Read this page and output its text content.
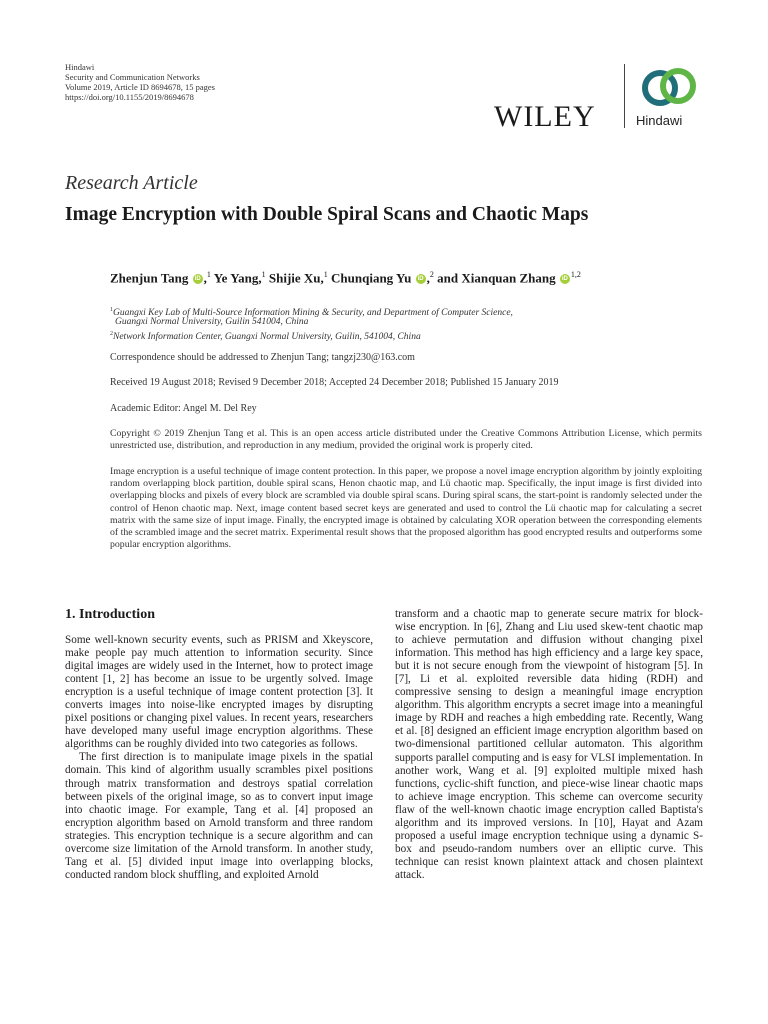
Hindawi
Security and Communication Networks
Volume 2019, Article ID 8694678, 15 pages
https://doi.org/10.1155/2019/8694678
WILEY	Hindawi
Research Article
Image Encryption with Double Spiral Scans and Chaotic Maps
Zhenjun Tang iD ,$^1$ Ye Yang,$^1$ Shijie Xu,$^1$ Chunqiang Yu iD ,$^2$ and Xianquan Zhang iD$^{1,2}$
$^1$Guangxi Key Lab of Multi-Source Information Mining & Security, and Department of Computer Science,
Guangxi Normal University, Guilin 541004, China
$^2$Network Information Center, Guangxi Normal University, Guilin, 541004, China
Correspondence should be addressed to Zhenjun Tang; tangzj230@163.com
Received 19 August 2018; Revised 9 December 2018; Accepted 24 December 2018; Published 15 January 2019
Academic Editor: Angel M. Del Rey
Copyright © 2019 Zhenjun Tang et al. This is an open access article distributed under the Creative Commons Attribution License, which permits unrestricted use, distribution, and reproduction in any medium, provided the original work is properly cited.
Image encryption is a useful technique of image content protection. In this paper, we propose a novel image encryption algorithm by jointly exploiting random overlapping block partition, double spiral scans, Henon chaotic map, and Lü chaotic map. Specifically, the input image is first divided into overlapping blocks and pixels of every block are scrambled via double spiral scans. During spiral scans, the start-point is randomly selected under the control of Henon chaotic map. Next, image content based secret keys are generated and used to control the Lü chaotic map for calculating a secret matrix with the same size of input image. Finally, the encrypted image is obtained by calculating XOR operation between the corresponding elements of the scrambled image and the secret matrix. Experimental result shows that the proposed algorithm has good encrypted results and outperforms some popular encryption algorithms.
1. Introduction

Some well-known security events, such as PRISM and Xkeyscore, make people pay much attention to information security. Since digital images are widely used in the Internet, how to protect image content [1, 2] has become an issue to be urgently solved. Image encryption is a useful technique of image content protection [3]. It converts images into noise-like encrypted images by disrupting pixel positions or changing pixel values. In recent years, researchers have developed many useful image encryption algorithms. These algorithms can be roughly divided into two categories as follows.

The first direction is to manipulate image pixels in the spatial domain. This kind of algorithm usually scrambles pixel positions through matrix transformation and destroys spatial correlation between pixels of the original image, so as to convert input image into chaotic image. For example, Tang et al. [4] proposed an encryption algorithm based on Arnold transform and three random strategies. This encryption technique is a secure algorithm and can overcome size limitation of the Arnold transform. In another study, Tang et al. [5] divided input image into overlapping blocks, conducted random block shuffling, and exploited Arnold

transform and a chaotic map to generate secure matrix for block-wise encryption. In [6], Zhang and Liu used skew-tent chaotic map to achieve permutation and diffusion without changing pixel information. This method has high efficiency and a large key space, but it is not secure enough from the viewpoint of histogram [5]. In [7], Li et al. exploited reversible data hiding (RDH) and compressive sensing to design a meaningful image encryption algorithm. This algorithm encrypts a secret image into a meaningful image by RDH and reaches a high embedding rate. Recently, Wang et al. [8] designed an efficient image encryption algorithm based on two-dimensional partitioned cellular automaton. This algorithm supports parallel computing and is easy for VLSI implementation. In another work, Wang et al. [9] exploited multiple mixed hash functions, cyclic-shift function, and piece-wise linear chaotic maps to achieve image encryption. This scheme can overcome security flaw of the well-known chaotic image encryption called Baptista's algorithm and its improved versions. In [10], Hayat and Azam proposed a useful image encryption technique using a dynamic S-box and pseudo-random numbers over an elliptic curve. This technique can resist known plaintext attack and chosen plaintext attack.
